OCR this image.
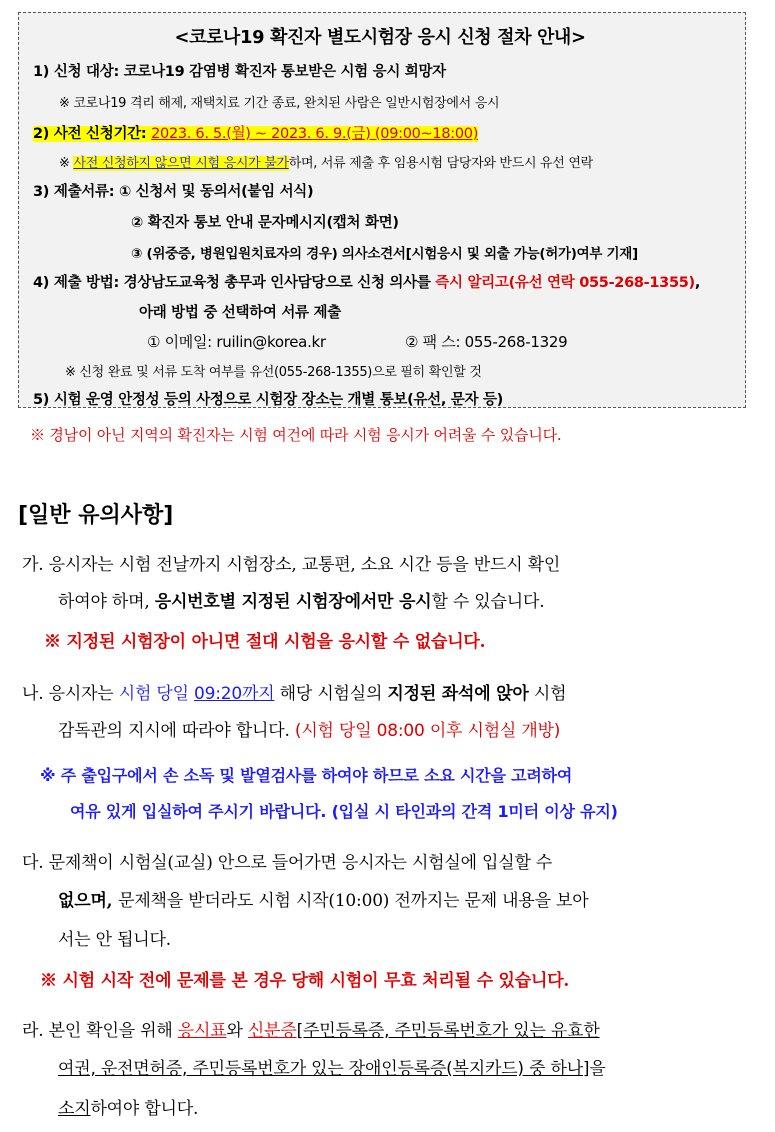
<코로나19 확진자 별도시험장 응시 신청 절차 안내>
1) 신청 대상: 코로나19 감염병 확진자 통보받은 시험 응시 희망자
※ 코로나19 격리 해제, 재택치료 기간 종료, 완치된 사람은 일반시험장에서 응시
2) 사전 신청기간: 2023. 6. 5.(월) ~ 2023. 6. 9.(금) (09:00~18:00)
※ 사전 신청하지 않으면 시험 응시가 불가하며, 서류 제출 후 임용시험 담당자와 반드시 유선 연락
3) 제출서류: ① 신청서 및 동의서(붙임 서식)
② 확진자 통보 안내 문자메시지(캡처 화면)
③ (위중증, 병원입원치료자의 경우) 의사소견서[시험응시 및 외출 가능(허가)여부 기재]
4) 제출 방법: 경상남도교육청 총무과 인사담당으로 신청 의사를 즉시 알리고(유선 연락 055-268-1355),
아래 방법 중 선택하여 서류 제출
① 이메일: ruilin@korea.kr	② 팩 스: 055-268-1329
※ 신청 완료 및 서류 도착 여부를 유선(055-268-1355)으로 필히 확인할 것
5) 시험 운영 안정성 등의 사정으로 시험장 장소는 개별 통보(유선, 문자 등)
※ 경남이 아닌 지역의 확진자는 시험 여건에 따라 시험 응시가 어려울 수 있습니다.
[일반 유의사항]
가. 응시자는 시험 전날까지 시험장소, 교통편, 소요 시간 등을 반드시 확인
하여야 하며, 응시번호별 지정된 시험장에서만 응시할 수 있습니다.
※ 지정된 시험장이 아니면 절대 시험을 응시할 수 없습니다.
나. 응시자는 시험 당일 09:20까지 해당 시험실의 지정된 좌석에 앉아 시험
감독관의 지시에 따라야 합니다. (시험 당일 08:00 이후 시험실 개방)
※ 주 출입구에서 손 소독 및 발열검사를 하여야 하므로 소요 시간을 고려하여
여유 있게 입실하여 주시기 바랍니다. (입실 시 타인과의 간격 1미터 이상 유지)
다. 문제책이 시험실(교실) 안으로 들어가면 응시자는 시험실에 입실할 수
없으며, 문제책을 받더라도 시험 시작(10:00) 전까지는 문제 내용을 보아
서는 안 됩니다.
※ 시험 시작 전에 문제를 본 경우 당해 시험이 무효 처리될 수 있습니다.
라. 본인 확인을 위해 응시표와 신분증[주민등록증, 주민등록번호가 있는 유효한
여권, 운전면허증, 주민등록번호가 있는 장애인등록증(복지카드) 중 하나]을
소지하여야 합니다.
